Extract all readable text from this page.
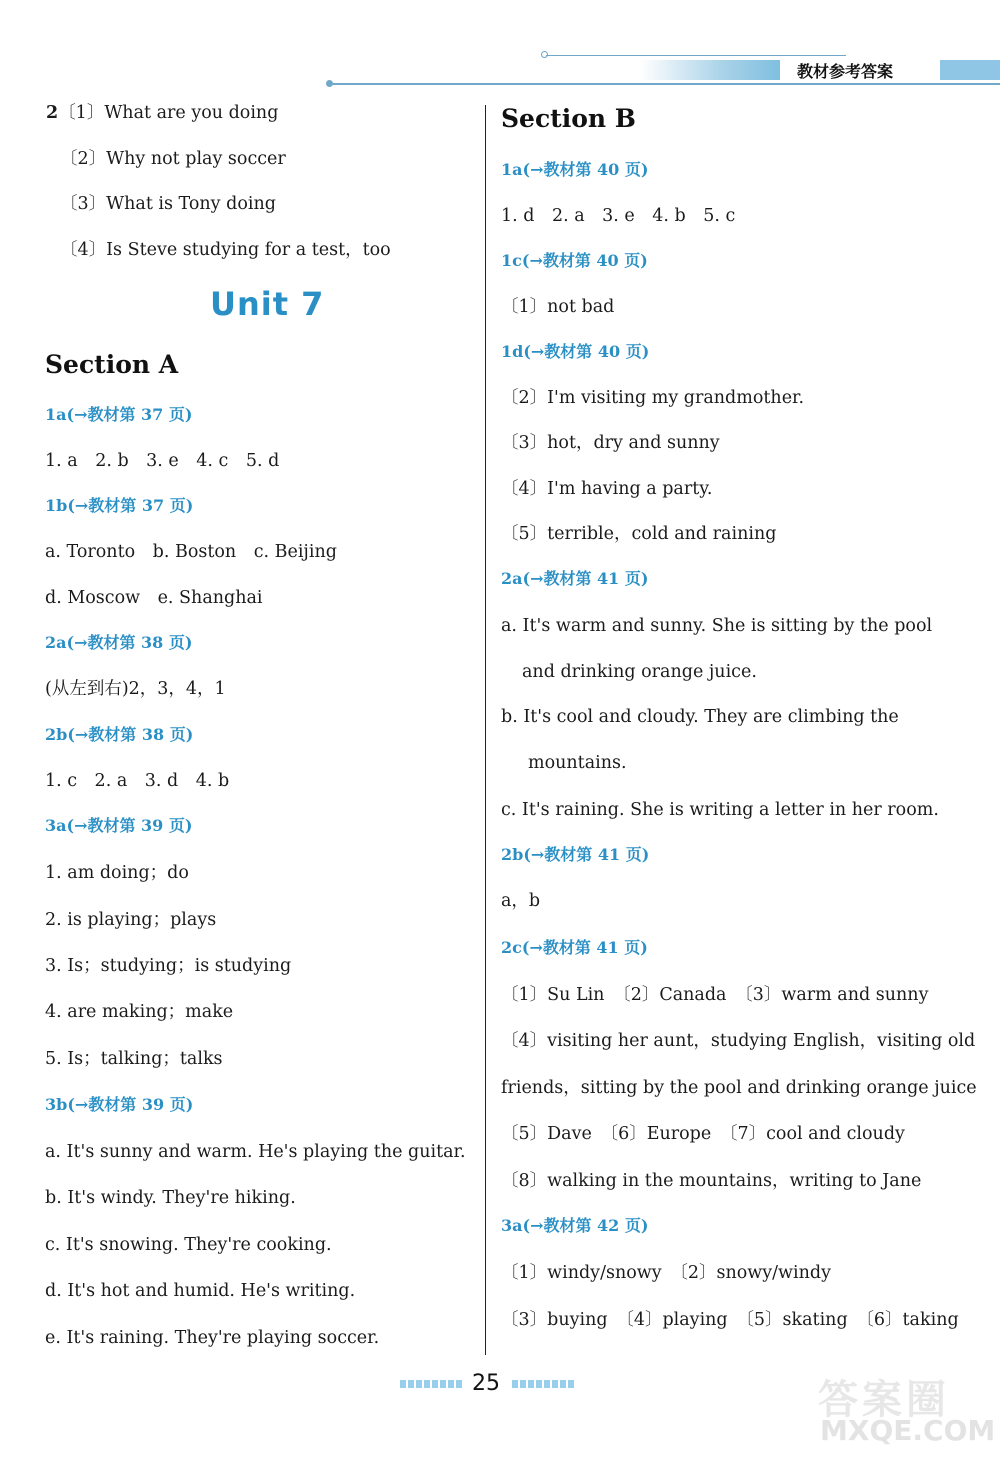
教材参考答案
2〔1〕What are you doing
〔2〕Why not play soccer
〔3〕What is Tony doing
〔4〕Is Steve studying for a test，too
Unit 7
Section A
1a(→教材第 37 页)
1. a　2. b　3. e　4. c　5. d
1b(→教材第 37 页)
a. Toronto　b. Boston　c. Beijing
d. Moscow　e. Shanghai
2a(→教材第 38 页)
(从左到右)2，3，4，1
2b(→教材第 38 页)
1. c　2. a　3. d　4. b
3a(→教材第 39 页)
1. am doing；do
2. is playing；plays
3. Is；studying；is studying
4. are making；make
5. Is；talking；talks
3b(→教材第 39 页)
a. It's sunny and warm. He's playing the guitar.
b. It's windy. They're hiking.
c. It's snowing. They're cooking.
d. It's hot and humid. He's writing.
e. It's raining. They're playing soccer.
Section B
1a(→教材第 40 页)
1. d　2. a　3. e　4. b　5. c
1c(→教材第 40 页)
〔1〕not bad
1d(→教材第 40 页)
〔2〕I'm visiting my grandmother.
〔3〕hot，dry and sunny
〔4〕I'm having a party.
〔5〕terrible，cold and raining
2a(→教材第 41 页)
a. It's warm and sunny. She is sitting by the pool
and drinking orange juice.
b. It's cool and cloudy. They are climbing the
mountains.
c. It's raining. She is writing a letter in her room.
2b(→教材第 41 页)
a，b
2c(→教材第 41 页)
〔1〕Su Lin　〔2〕Canada　〔3〕warm and sunny
〔4〕visiting her aunt，studying English，visiting old
friends，sitting by the pool and drinking orange juice
〔5〕Dave　〔6〕Europe　〔7〕cool and cloudy
〔8〕walking in the mountains，writing to Jane
3a(→教材第 42 页)
〔1〕windy/snowy　〔2〕snowy/windy
〔3〕buying　〔4〕playing　〔5〕skating　〔6〕taking
25	答案圈
MXQE.COM
